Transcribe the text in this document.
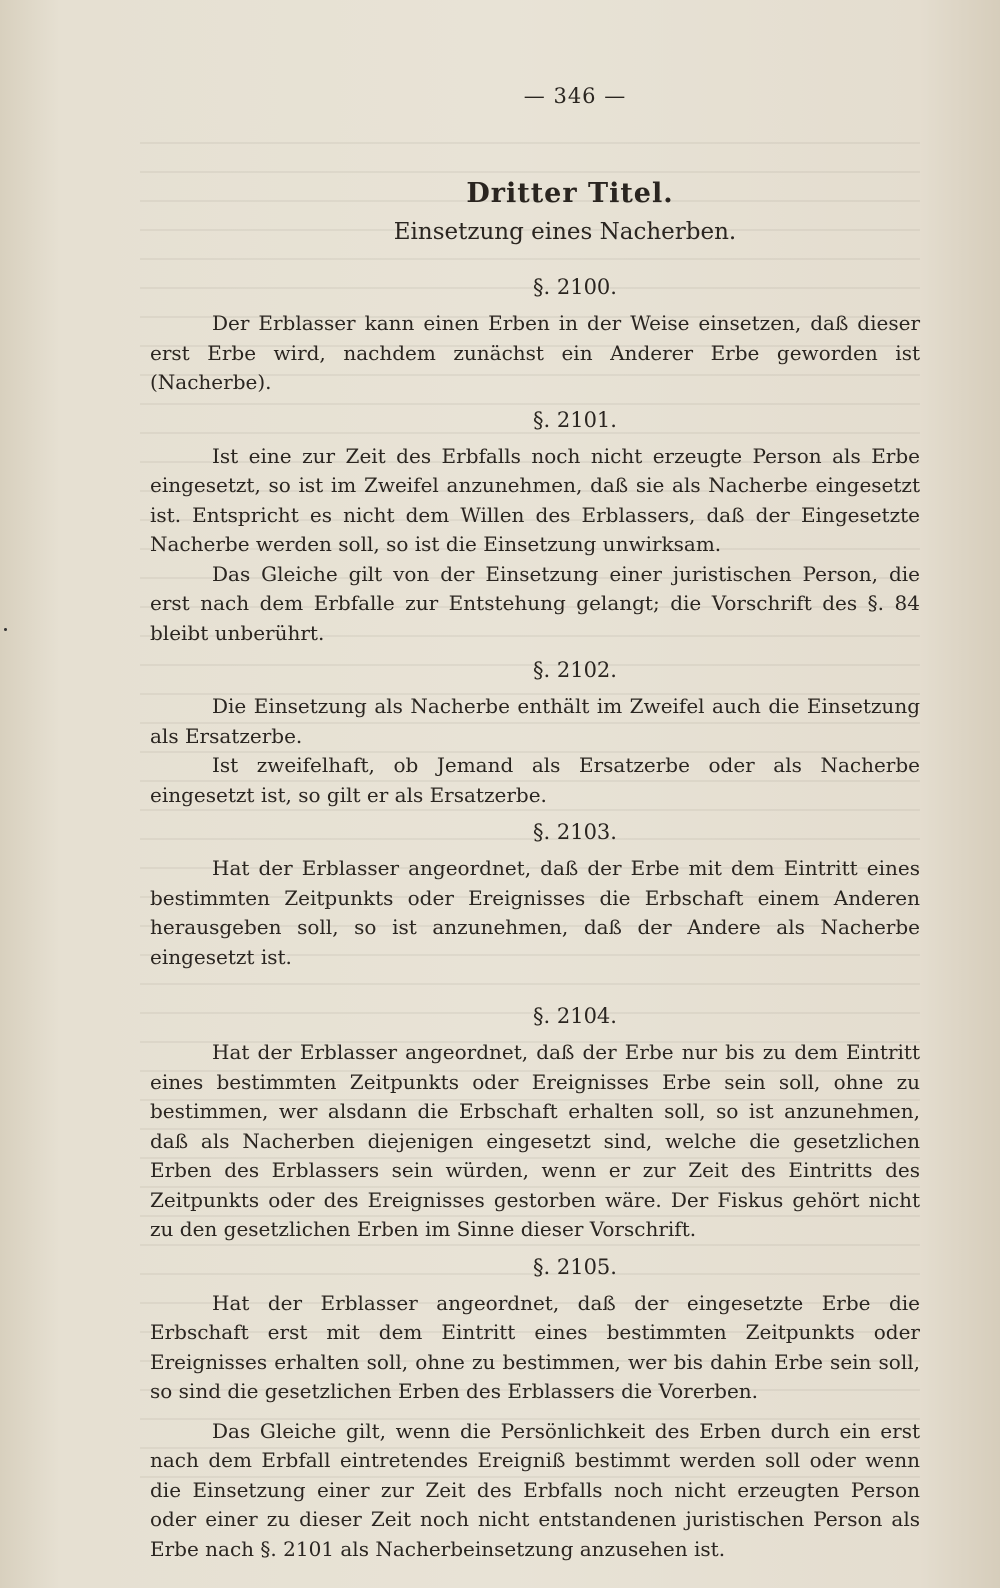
— 346 —
Dritter Titel.
Einsetzung eines Nacherben.
§. 2100.

Der Erblasser kann einen Erben in der Weise einsetzen, daß dieser erst Erbe wird, nachdem zunächst ein Anderer Erbe geworden ist (Nacherbe).

§. 2101.

Ist eine zur Zeit des Erbfalls noch nicht erzeugte Person als Erbe eingesetzt, so ist im Zweifel anzunehmen, daß sie als Nacherbe eingesetzt ist. Entspricht es nicht dem Willen des Erblassers, daß der Eingesetzte Nacherbe werden soll, so ist die Einsetzung unwirksam.

Das Gleiche gilt von der Einsetzung einer juristischen Person, die erst nach dem Erbfalle zur Entstehung gelangt; die Vorschrift des §. 84 bleibt unberührt.

§. 2102.

Die Einsetzung als Nacherbe enthält im Zweifel auch die Einsetzung als Ersatzerbe.

Ist zweifelhaft, ob Jemand als Ersatzerbe oder als Nacherbe eingesetzt ist, so gilt er als Ersatzerbe.

§. 2103.

Hat der Erblasser angeordnet, daß der Erbe mit dem Eintritt eines bestimmten Zeitpunkts oder Ereignisses die Erbschaft einem Anderen herausgeben soll, so ist anzunehmen, daß der Andere als Nacherbe eingesetzt ist.

§. 2104.

Hat der Erblasser angeordnet, daß der Erbe nur bis zu dem Eintritt eines bestimmten Zeitpunkts oder Ereignisses Erbe sein soll, ohne zu bestimmen, wer alsdann die Erbschaft erhalten soll, so ist anzunehmen, daß als Nacherben diejenigen eingesetzt sind, welche die gesetzlichen Erben des Erblassers sein würden, wenn er zur Zeit des Eintritts des Zeitpunkts oder des Ereignisses gestorben wäre. Der Fiskus gehört nicht zu den gesetzlichen Erben im Sinne dieser Vorschrift.

§. 2105.

Hat der Erblasser angeordnet, daß der eingesetzte Erbe die Erbschaft erst mit dem Eintritt eines bestimmten Zeitpunkts oder Ereignisses erhalten soll, ohne zu bestimmen, wer bis dahin Erbe sein soll, so sind die gesetzlichen Erben des Erblassers die Vorerben.

Das Gleiche gilt, wenn die Persönlichkeit des Erben durch ein erst nach dem Erbfall eintretendes Ereigniß bestimmt werden soll oder wenn die Einsetzung einer zur Zeit des Erbfalls noch nicht erzeugten Person oder einer zu dieser Zeit noch nicht entstandenen juristischen Person als Erbe nach §. 2101 als Nacherbeinsetzung anzusehen ist.
